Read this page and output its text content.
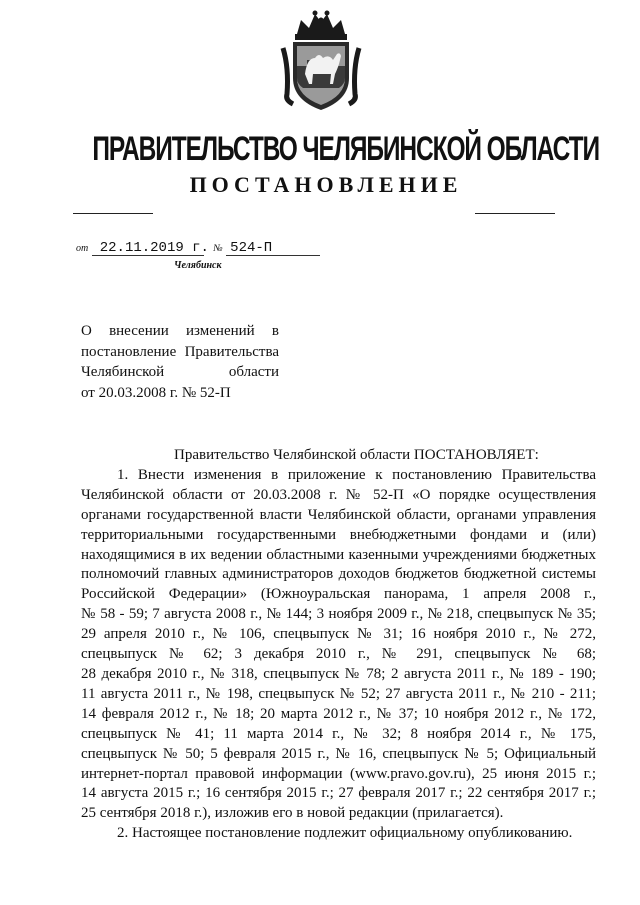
ПРАВИТЕЛЬСТВО ЧЕЛЯБИНСКОЙ ОБЛАСТИ
ПОСТАНОВЛЕНИЕ
от 22.11.2019 г. № 524-П
Челябинск
О внесении изменений в
постановление Правительства
Челябинской области
от 20.03.2008 г. № 52-П
Правительство Челябинской области ПОСТАНОВЛЯЕТ:
1. Внести изменения в приложение к постановлению Правительства
Челябинской области от 20.03.2008 г. № 52-П «О порядке осуществления
органами государственной власти Челябинской области, органами управления
территориальными государственными внебюджетными фондами и (или)
находящимися в их ведении областными казенными учреждениями бюджетных
полномочий главных администраторов доходов бюджетов бюджетной системы
Российской Федерации» (Южноуральская панорама, 1 апреля 2008 г.,
№ 58 - 59; 7 августа 2008 г., № 144; 3 ноября 2009 г., № 218, спецвыпуск № 35;
29 апреля 2010 г., № 106, спецвыпуск № 31; 16 ноября 2010 г., № 272,
спецвыпуск № 62; 3 декабря 2010 г., № 291, спецвыпуск № 68;
28 декабря 2010 г., № 318, спецвыпуск № 78; 2 августа 2011 г., № 189 - 190;
11 августа 2011 г., № 198, спецвыпуск № 52; 27 августа 2011 г., № 210 - 211;
14 февраля 2012 г., № 18; 20 марта 2012 г., № 37; 10 ноября 2012 г., № 172,
спецвыпуск № 41; 11 марта 2014 г., № 32; 8 ноября 2014 г., № 175,
спецвыпуск № 50; 5 февраля 2015 г., № 16, спецвыпуск № 5; Официальный
интернет-портал правовой информации (www.pravo.gov.ru), 25 июня 2015 г.;
14 августа 2015 г.; 16 сентября 2015 г.; 27 февраля 2017 г.; 22 сентября 2017 г.;
25 сентября 2018 г.), изложив его в новой редакции (прилагается).
2. Настоящее постановление подлежит официальному опубликованию.
